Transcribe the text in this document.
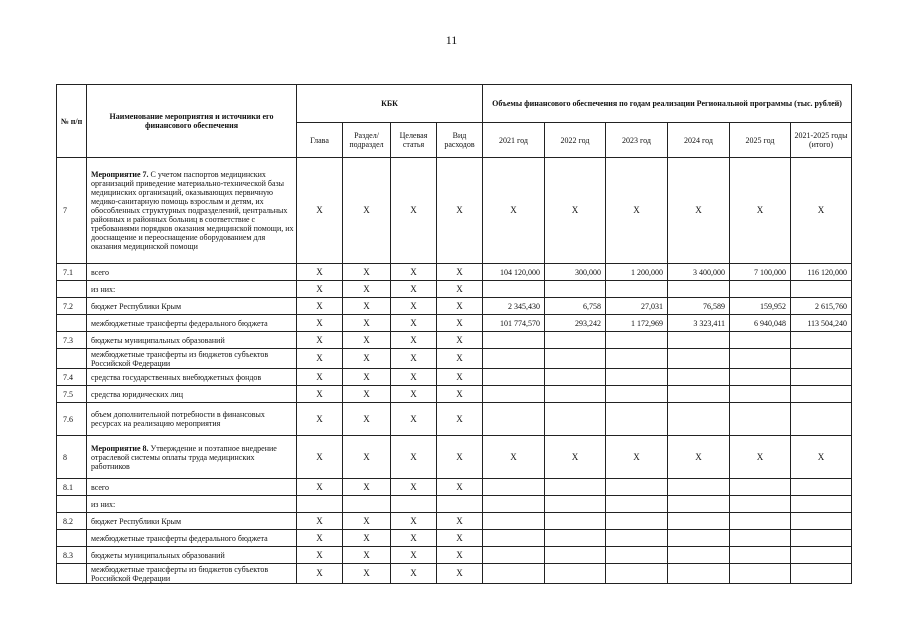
11
№ п/п	Наименование мероприятия и источники его финансового обеспечения	КБК				Объемы финансового обеспечения по годам реализации Региональной программы (тыс. рублей)					
		Глава	Раздел/ подраздел	Целевая статья	Вид расходов	2021 год	2022 год	2023 год	2024 год	2025 год	2021-2025 годы (итого)
7	Мероприятие 7. С учетом паспортов медицинских организаций приведение материально-технической базы медицинских организаций, оказывающих первичную медико-санитарную помощь взрослым и детям, их обособленных структурных подразделений, центральных районных и районных больниц в соответствие с требованиями порядков оказания медицинской помощи, их дооснащение и переоснащение оборудованием для оказания медицинской помощи	Х	Х	Х	Х	Х	Х	Х	Х	Х	Х
7.1	всего	Х	Х	Х	Х	104 120,000	300,000	1 200,000	3 400,000	7 100,000	116 120,000
	из них:	Х	Х	Х	Х						
7.2	бюджет Республики Крым	Х	Х	Х	Х	2 345,430	6,758	27,031	76,589	159,952	2 615,760
	межбюджетные трансферты федерального бюджета	Х	Х	Х	Х	101 774,570	293,242	1 172,969	3 323,411	6 940,048	113 504,240
7.3	бюджеты муниципальных образований	Х	Х	Х	Х						
	межбюджетные трансферты из бюджетов субъектов Российской Федерации	Х	Х	Х	Х						
7.4	средства государственных внебюджетных фондов	Х	Х	Х	Х						
7.5	средства юридических лиц	Х	Х	Х	Х						
7.6	объем дополнительной потребности в финансовых ресурсах на реализацию мероприятия	Х	Х	Х	Х						
8	Мероприятие 8. Утверждение и поэтапное внедрение отраслевой системы оплаты труда медицинских работников	Х	Х	Х	Х	Х	Х	Х	Х	Х	Х
8.1	всего	Х	Х	Х	Х						
	из них:										
8.2	бюджет Республики Крым	Х	Х	Х	Х						
	межбюджетные трансферты федерального бюджета	Х	Х	Х	Х						
8.3	бюджеты муниципальных образований	Х	Х	Х	Х						
	межбюджетные трансферты из бюджетов субъектов Российской Федерации	Х	Х	Х	Х						
